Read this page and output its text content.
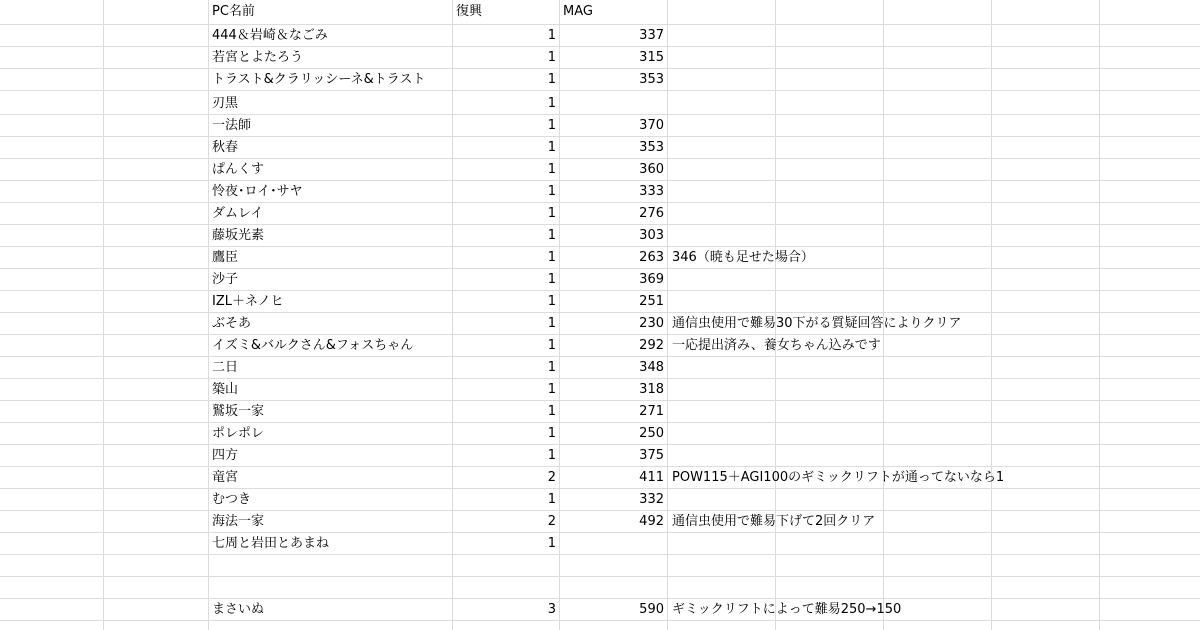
PC名前	復興	MAG
444＆岩崎＆なごみ	1	337
若宮とよたろう	1	315
トラスト&クラリッシーネ&トラスト	1	353
刃黒	1
一法師	1	370
秋春	1	353
ぱんくす	1	360
怜夜･ロイ･サヤ	1	333
ダムレイ	1	276
藤坂光素	1	303
鷹臣	1	263 346（暁も足せた場合）
沙子	1	369
IZL＋ネノヒ	1	251
ぶそあ	1	230 通信虫使用で難易30下がる質疑回答によりクリア
イズミ&バルクさん&フォスちゃん	1	292 一応提出済み、養女ちゃん込みです
二日	1	348
築山	1	318
鷲坂一家	1	271
ポレポレ	1	250
四方	1	375
竜宮	2	411 POW115＋AGI100のギミックリフトが通ってないなら1
むつき	1	332
海法一家	2	492 通信虫使用で難易下げて2回クリア
七周と岩田とあまね	1
まさいぬ	3	590 ギミックリフトによって難易250→150
